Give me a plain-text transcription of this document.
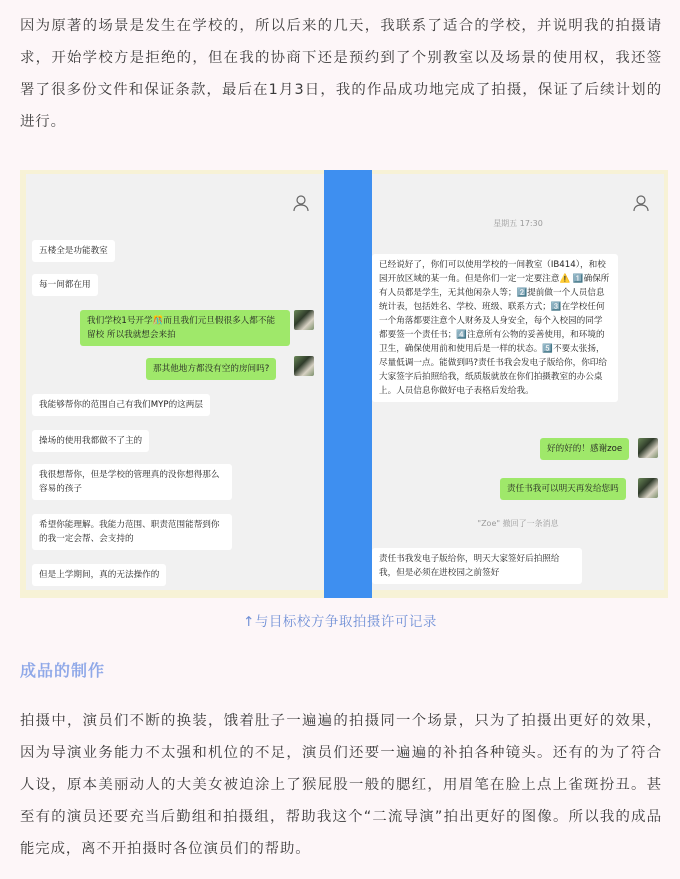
因为原著的场景是发生在学校的，所以后来的几天，我联系了适合的学校，并说明我的拍摄请求，开始学校方是拒绝的，但在我的协商下还是预约到了个别教室以及场景的使用权，我还签署了很多份文件和保证条款，最后在1月3日，我的作品成功地完成了拍摄，保证了后续计划的进行。
五楼全是功能教室
每一间都在用
我们学校1号开学🎊而且我们元旦假很多人都不能留校 所以我就想会来拍
那其他地方都没有空的房间吗?
我能够帮你的范围自己有我们MYP的这两层
操场的使用我都做不了主的
我很想帮你，但是学校的管理真的没你想得那么容易的孩子
希望你能理解。我能力范围、职责范围能帮到你的我一定会帮、会支持的
但是上学期间，真的无法操作的
星期五 17:30
已经说好了，你们可以使用学校的一间教室（IB414），和校园开放区域的某一角。但是你们一定一定要注意⚠️ 1️⃣确保所有人员都是学生，无其他闲杂人等；2️⃣提前做一个人员信息统计表，包括姓名、学校、班级、联系方式；3️⃣在学校任何一个角落都要注意个人财务及人身安全，每个入校园的同学都要签一个责任书；4️⃣注意所有公物的妥善使用，和环境的卫生，确保使用前和使用后是一样的状态。5️⃣不要太张扬，尽量低调一点。能做到吗?责任书我会发电子版给你，你印给大家签字后拍照给我，纸质版就放在你们拍摄教室的办公桌上。人员信息你做好电子表格后发给我。
好的好的！感谢zoe
责任书我可以明天再发给您吗
"Zoe" 撤回了一条消息
责任书我发电子版给你，明天大家签好后拍照给我，但是必须在进校园之前签好
↑与目标校方争取拍摄许可记录
成品的制作
拍摄中，演员们不断的换装，饿着肚子一遍遍的拍摄同一个场景，只为了拍摄出更好的效果，因为导演业务能力不太强和机位的不足，演员们还要一遍遍的补拍各种镜头。还有的为了符合人设，原本美丽动人的大美女被迫涂上了猴屁股一般的腮红，用眉笔在脸上点上雀斑扮丑。甚至有的演员还要充当后勤组和拍摄组，帮助我这个“二流导演”拍出更好的图像。所以我的成品能完成，离不开拍摄时各位演员们的帮助。
